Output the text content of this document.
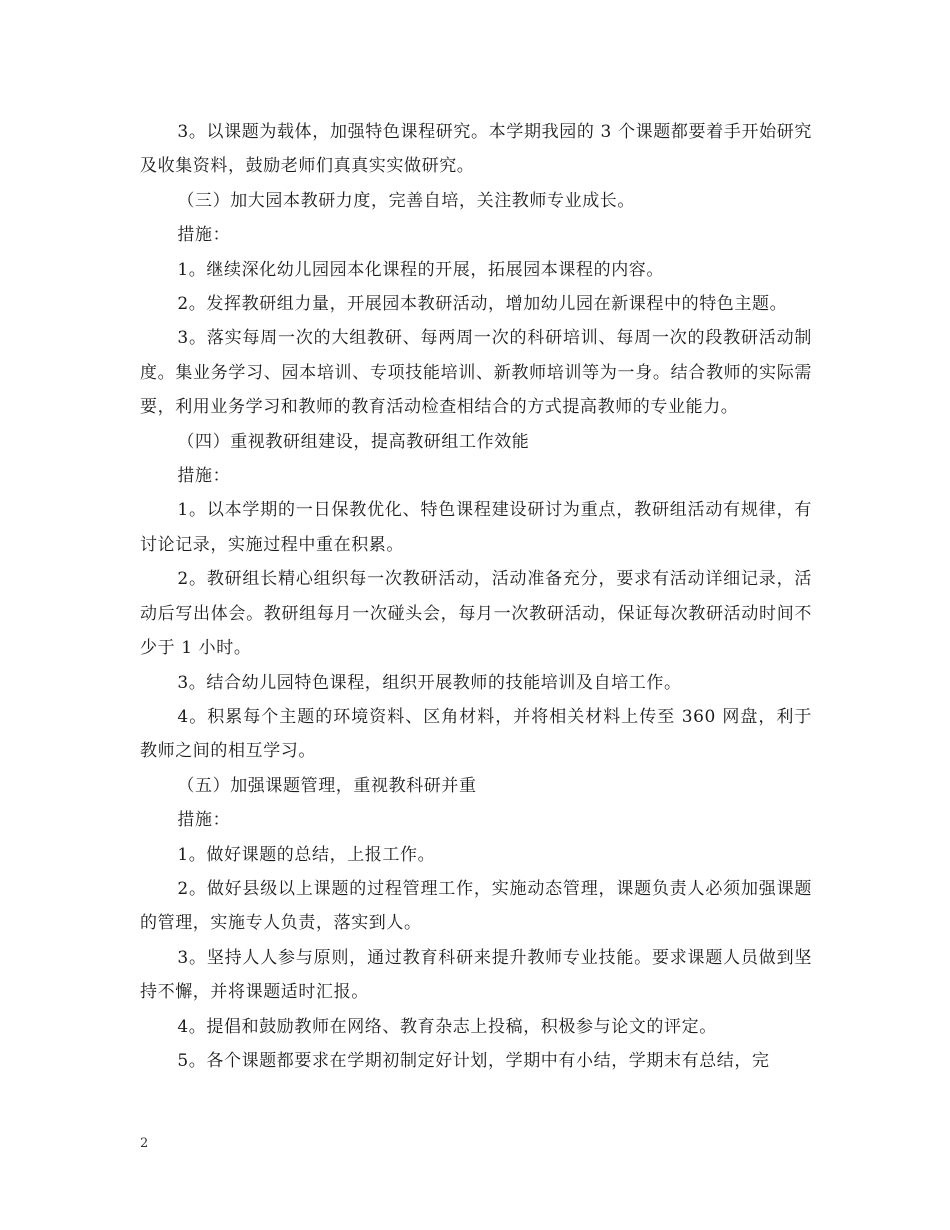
3。以课题为载体，加强特色课程研究。本学期我园的 3 个课题都要着手开始研究及收集资料，鼓励老师们真真实实做研究。

（三）加大园本教研力度，完善自培，关注教师专业成长。

措施：

1。继续深化幼儿园园本化课程的开展，拓展园本课程的内容。

2。发挥教研组力量，开展园本教研活动，增加幼儿园在新课程中的特色主题。

3。落实每周一次的大组教研、每两周一次的科研培训、每周一次的段教研活动制度。集业务学习、园本培训、专项技能培训、新教师培训等为一身。结合教师的实际需要，利用业务学习和教师的教育活动检查相结合的方式提高教师的专业能力。

（四）重视教研组建设，提高教研组工作效能

措施：

1。以本学期的一日保教优化、特色课程建设研讨为重点，教研组活动有规律，有讨论记录，实施过程中重在积累。

2。教研组长精心组织每一次教研活动，活动准备充分，要求有活动详细记录，活动后写出体会。教研组每月一次碰头会，每月一次教研活动，保证每次教研活动时间不少于 1 小时。

3。结合幼儿园特色课程，组织开展教师的技能培训及自培工作。

4。积累每个主题的环境资料、区角材料，并将相关材料上传至 360 网盘，利于教师之间的相互学习。

（五）加强课题管理，重视教科研并重

措施：

1。做好课题的总结，上报工作。

2。做好县级以上课题的过程管理工作，实施动态管理，课题负责人必须加强课题的管理，实施专人负责，落实到人。

3。坚持人人参与原则，通过教育科研来提升教师专业技能。要求课题人员做到坚持不懈，并将课题适时汇报。

4。提倡和鼓励教师在网络、教育杂志上投稿，积极参与论文的评定。

5。各个课题都要求在学期初制定好计划，学期中有小结，学期末有总结，完

2
